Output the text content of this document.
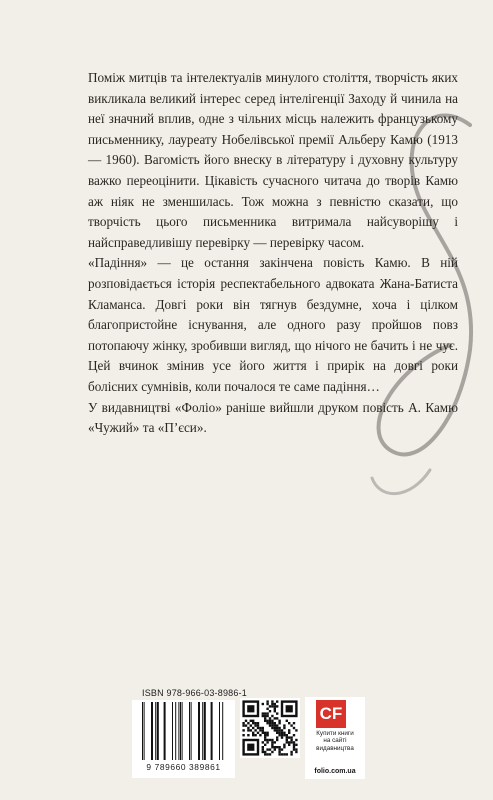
Поміж митців та інтелектуалів минулого століття, творчість яких викликала великий інтерес серед інтелігенції Заходу й чинила на неї значний вплив, одне з чільних місць належить французькому письменнику, лауреату Нобелівської премії Альберу Камю (1913 — 1960). Вагомість його внеску в літературу і духовну культуру важко переоцінити. Цікавість сучасного читача до творів Камю аж ніяк не зменшилась. Тож можна з певністю сказати, що творчість цього письменника витримала найсуворішу і найсправедливішу перевірку — перевірку часом.

«Падіння» — це остання закінчена повість Камю. В ній розповідається історія респектабельного адвоката Жана-Батиста Кламанса. Довгі роки він тягнув бездумне, хоча і цілком благопристойне існування, але одного разу пройшов повз потопаючу жінку, зробивши вигляд, що нічого не бачить і не чує. Цей вчинок змінив усе його життя і прирік на довгі роки болісних сумнівів, коли почалося те саме падіння…

У видавництві «Фоліо» раніше вийшли друком повість А. Камю «Чужий» та «П’єси».

ISBN 978-966-03-8986-1
9 789660 389861
CF
Купити книги
на сайті
видавництва
folio.com.ua
